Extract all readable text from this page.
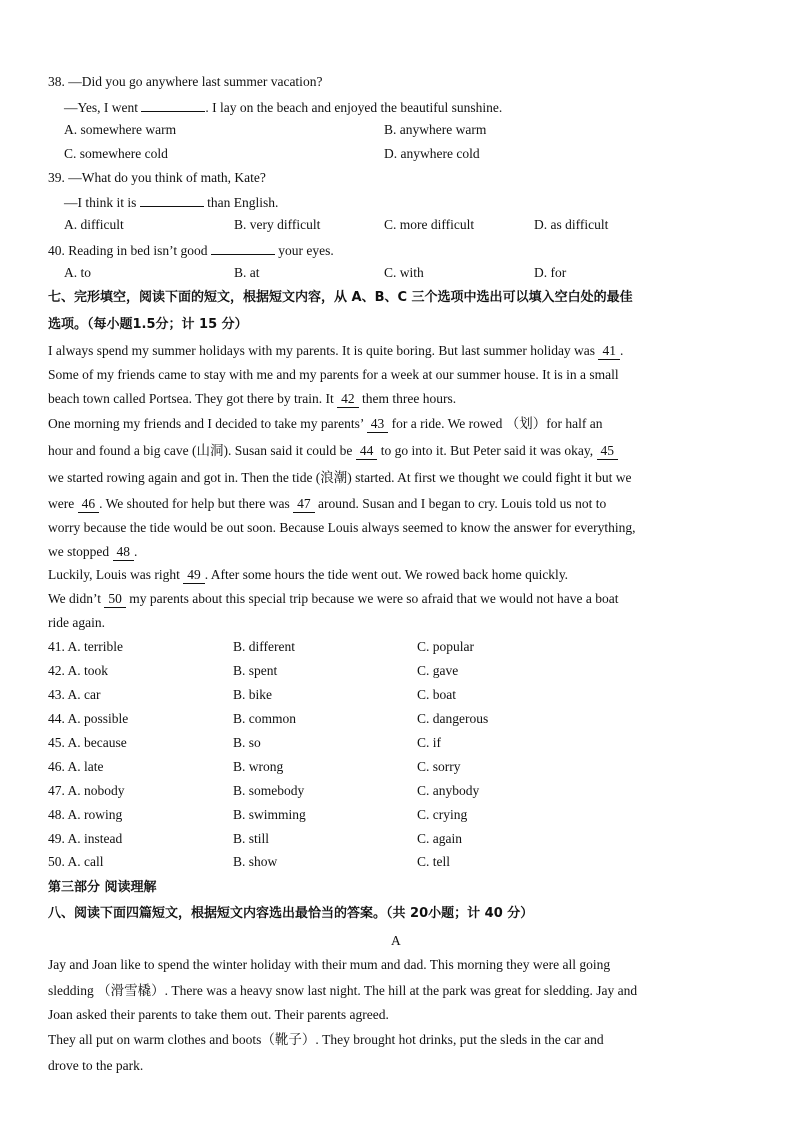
38. —Did you go anywhere last summer vacation?
—Yes, I went	. I lay on the beach and enjoyed the beautiful sunshine.
A. somewhere warm	B. anywhere warm
C. somewhere cold	D. anywhere cold
39. —What do you think of math, Kate?
—I think it is	than English.
A. difficult	B. very difficult	C. more difficult	D. as difficult
40. Reading in bed isn’t good	your eyes.
A. to	B. at	C. with	D. for
七、完形填空，阅读下面的短文，根据短文内容，从 A、B、C 三个选项中选出可以填入空白处的最佳
选项。（每小题1.5分；计 15 分）
I always spend my summer holidays with my parents. It is quite boring. But last summer holiday was 41 .
Some of my friends came to stay with me and my parents for a week at our summer house. It is in a small
beach town called Portsea. They got there by train. It 42 them three hours.
One morning my friends and I decided to take my parents’ 43 for a ride. We rowed （划）for half an
hour and found a big cave (山洞). Susan said it could be 44 to go into it. But Peter said it was okay, 45
we started rowing again and got in. Then the tide (浪潮) started. At first we thought we could fight it but we
were 46 . We shouted for help but there was 47 around. Susan and I began to cry. Louis told us not to
worry because the tide would be out soon. Because Louis always seemed to know the answer for everything,
we stopped 48 .
Luckily, Louis was right 49 . After some hours the tide went out. We rowed back home quickly.
We didn’t 50 my parents about this special trip because we were so afraid that we would not have a boat
ride again.
41. A. terrible	B. different	C. popular
42. A. took	B. spent	C. gave
43. A. car	B. bike	C. boat
44. A. possible	B. common	C. dangerous
45. A. because	B. so	C. if
46. A. late	B. wrong	C. sorry
47. A. nobody	B. somebody	C. anybody
48. A. rowing	B. swimming	C. crying
49. A. instead	B. still	C. again
50. A. call	B. show	C. tell
第三部分 阅读理解
八、阅读下面四篇短文，根据短文内容选出最恰当的答案。（共 20小题；计 40 分）
A
Jay and Joan like to spend the winter holiday with their mum and dad. This morning they were all going
sledding （滑雪橇）. There was a heavy snow last night. The hill at the park was great for sledding. Jay and
Joan asked their parents to take them out. Their parents agreed.
They all put on warm clothes and boots（靴子）. They brought hot drinks, put the sleds in the car and
drove to the park.
